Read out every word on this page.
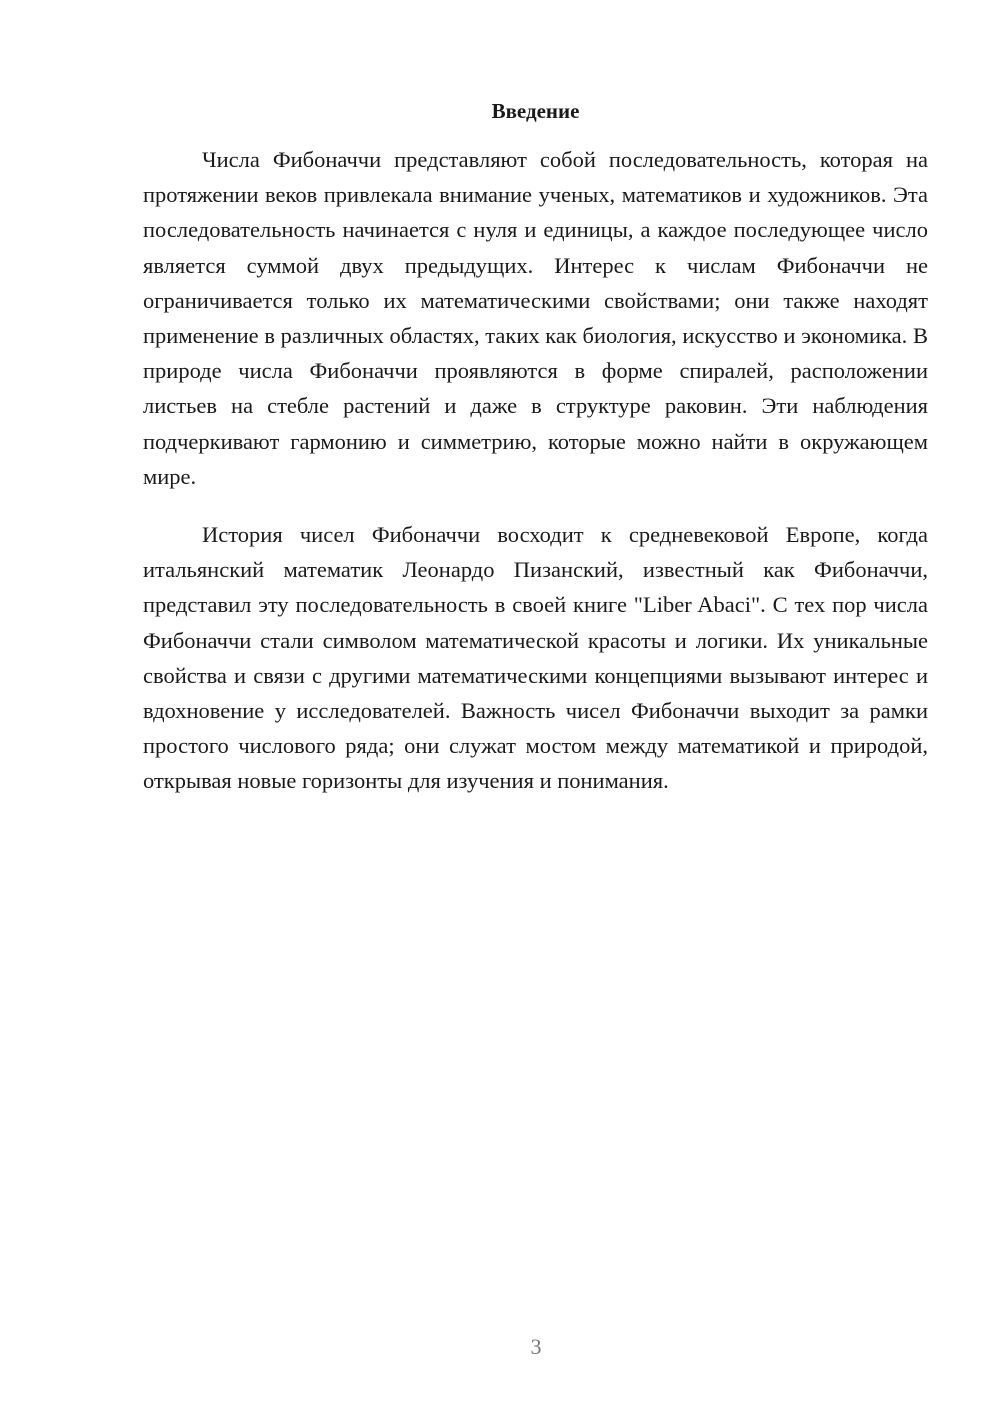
Введение

Числа Фибоначчи представляют собой последовательность, которая на протяжении веков привлекала внимание ученых, математиков и художников. Эта последовательность начинается с нуля и единицы, а каждое последующее число является суммой двух предыдущих. Интерес к числам Фибоначчи не ограничивается только их математическими свойствами; они также находят применение в различных областях, таких как биология, искусство и экономика. В природе числа Фибоначчи проявляются в форме спиралей, расположении листьев на стебле растений и даже в структуре раковин. Эти наблюдения подчеркивают гармонию и симметрию, которые можно найти в окружающем мире.

История чисел Фибоначчи восходит к средневековой Европе, когда итальянский математик Леонардо Пизанский, известный как Фибоначчи, представил эту последовательность в своей книге "Liber Abaci". С тех пор числа Фибоначчи стали символом математической красоты и логики. Их уникальные свойства и связи с другими математическими концепциями вызывают интерес и вдохновение у исследователей. Важность чисел Фибоначчи выходит за рамки простого числового ряда; они служат мостом между математикой и природой, открывая новые горизонты для изучения и понимания.

3
